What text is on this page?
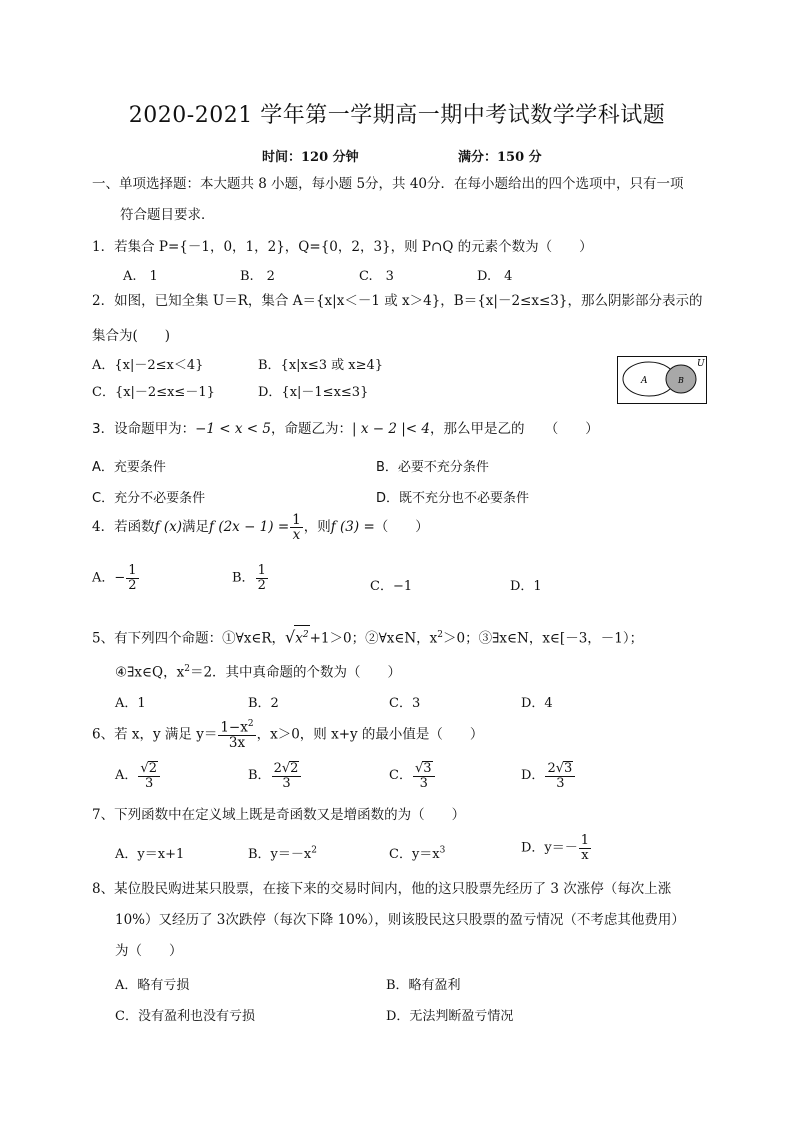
2020-2021 学年第一学期高一期中考试数学学科试题
时间：120 分钟	满分：150 分
一、单项选择题：本大题共 8 小题，每小题 5分，共 40分．在每小题给出的四个选项中，只有一项
符合题目要求．
1．若集合 P={－1，0，1，2}，Q={0，2，3}，则 P∩Q 的元素个数为（　　）
A.　1	B.　2	C.　3	D.　4
2．如图，已知全集 U＝R，集合 A＝{x|x＜－1 或 x＞4}，B＝{x|－2≤x≤3}，那么阴影部分表示的
集合为(　　)
A．{x|－2≤x＜4}	B．{x|x≤3 或 x≥4}
C．{x|－2≤x≤－1}	D．{x|－1≤x≤3}
U
A	B
3．设命题甲为：−1 < x < 5，命题乙为：| x − 2 |< 4，那么甲是乙的　　（　　）
A．充要条件	B．必要不充分条件
C．充分不必要条件	D．既不充分也不必要条件
4．若函数f (x)满足f $(2x - 1) = \frac{1}{x}$ ，则f (3) =（　　）
A．− $\frac{1}{2}$	B． $\frac{1}{2}$	C．−1	D．1
5、有下列四个命题：①∀x∈R，$√x^2+1>0$；②∀x∈N，$x^2>0$；③∃x∈N，x∈[－3，－1）；
④∃x∈Q，$x^2=2$．其中真命题的个数为（　　）
A．1	B．2	C．3	D．4
6、若 x，y 满足 $y= \frac{1-x^2}{3x}$ ，x＞0，则 x+y 的最小值是（　　）
A． $\frac{√2}{3}$	B． $\frac{2√2}{3}$	C． $\frac{√3}{3}$	D． $\frac{2√3}{3}$
7、下列函数中在定义域上既是奇函数又是增函数的为（　　）
A．y＝x+1	B．$y=-x^2$	C．$y=x^3$	D．$y=- \frac{1}{x}$
8、某位股民购进某只股票，在接下来的交易时间内，他的这只股票先经历了 3 次涨停（每次上涨
10%）又经历了 3次跌停（每次下降 10%），则该股民这只股票的盈亏情况（不考虑其他费用）
为（　　）
A．略有亏损	B．略有盈利
C．没有盈利也没有亏损	D．无法判断盈亏情况
